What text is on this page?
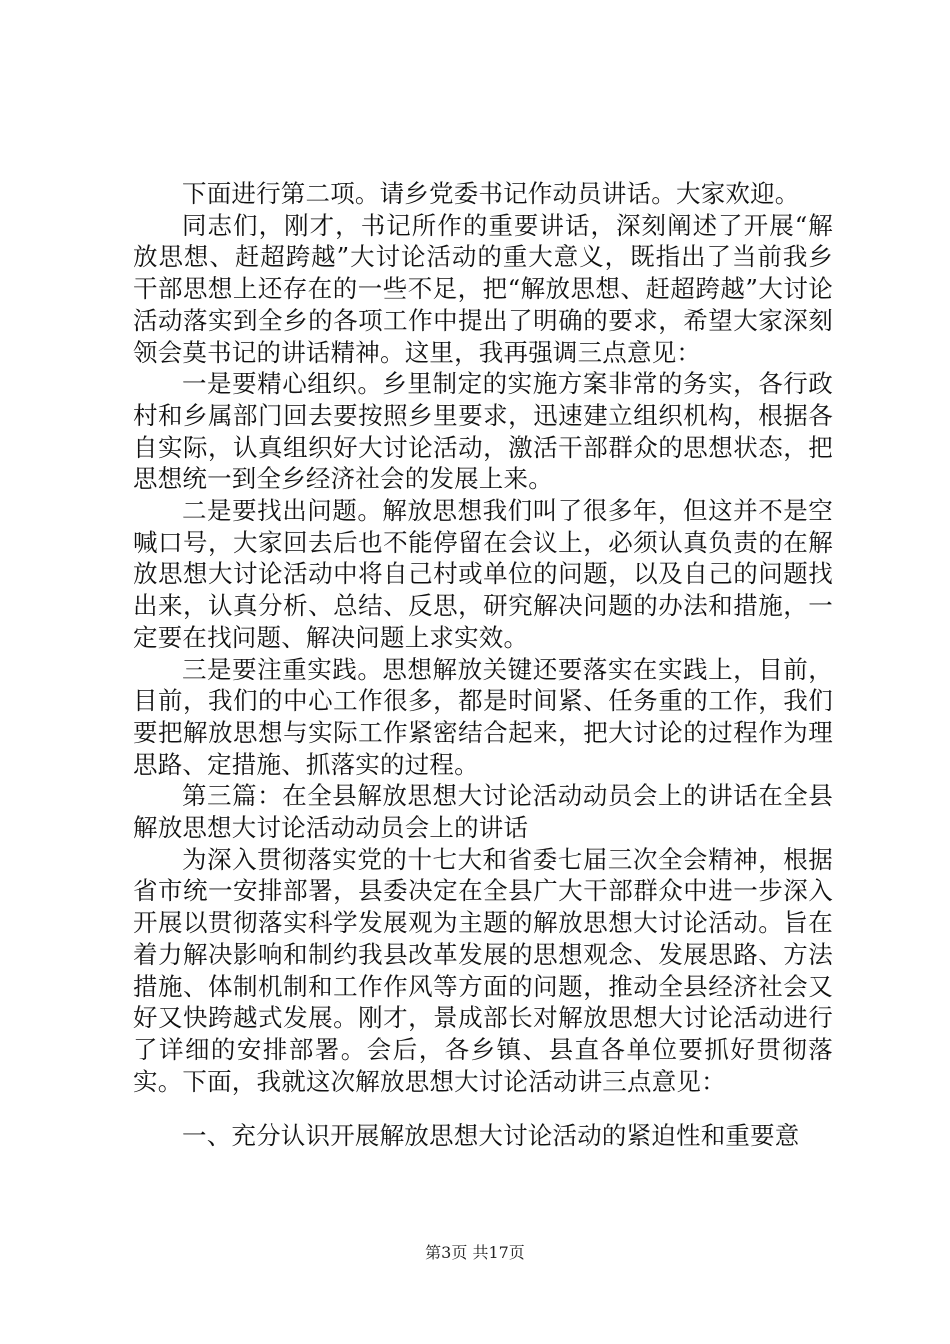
下面进行第二项。请乡党委书记作动员讲话。大家欢迎。

同志们，刚才，书记所作的重要讲话，深刻阐述了开展“解放思想、赶超跨越”大讨论活动的重大意义，既指出了当前我乡干部思想上还存在的一些不足，把“解放思想、赶超跨越”大讨论活动落实到全乡的各项工作中提出了明确的要求，希望大家深刻领会莫书记的讲话精神。这里，我再强调三点意见：

一是要精心组织。乡里制定的实施方案非常的务实，各行政村和乡属部门回去要按照乡里要求，迅速建立组织机构，根据各自实际，认真组织好大讨论活动，激活干部群众的思想状态，把思想统一到全乡经济社会的发展上来。

二是要找出问题。解放思想我们叫了很多年，但这并不是空喊口号，大家回去后也不能停留在会议上，必须认真负责的在解放思想大讨论活动中将自己村或单位的问题，以及自己的问题找出来，认真分析、总结、反思，研究解决问题的办法和措施，一定要在找问题、解决问题上求实效。

三是要注重实践。思想解放关键还要落实在实践上，目前，目前，我们的中心工作很多，都是时间紧、任务重的工作，我们要把解放思想与实际工作紧密结合起来，把大讨论的过程作为理思路、定措施、抓落实的过程。

第三篇：在全县解放思想大讨论活动动员会上的讲话在全县解放思想大讨论活动动员会上的讲话

为深入贯彻落实党的十七大和省委七届三次全会精神，根据省市统一安排部署，县委决定在全县广大干部群众中进一步深入开展以贯彻落实科学发展观为主题的解放思想大讨论活动。旨在着力解决影响和制约我县改革发展的思想观念、发展思路、方法措施、体制机制和工作作风等方面的问题，推动全县经济社会又好又快跨越式发展。刚才，景成部长对解放思想大讨论活动进行了详细的安排部署。会后，各乡镇、县直各单位要抓好贯彻落实。下面，我就这次解放思想大讨论活动讲三点意见：

一、充分认识开展解放思想大讨论活动的紧迫性和重要意

第3页 共17页
